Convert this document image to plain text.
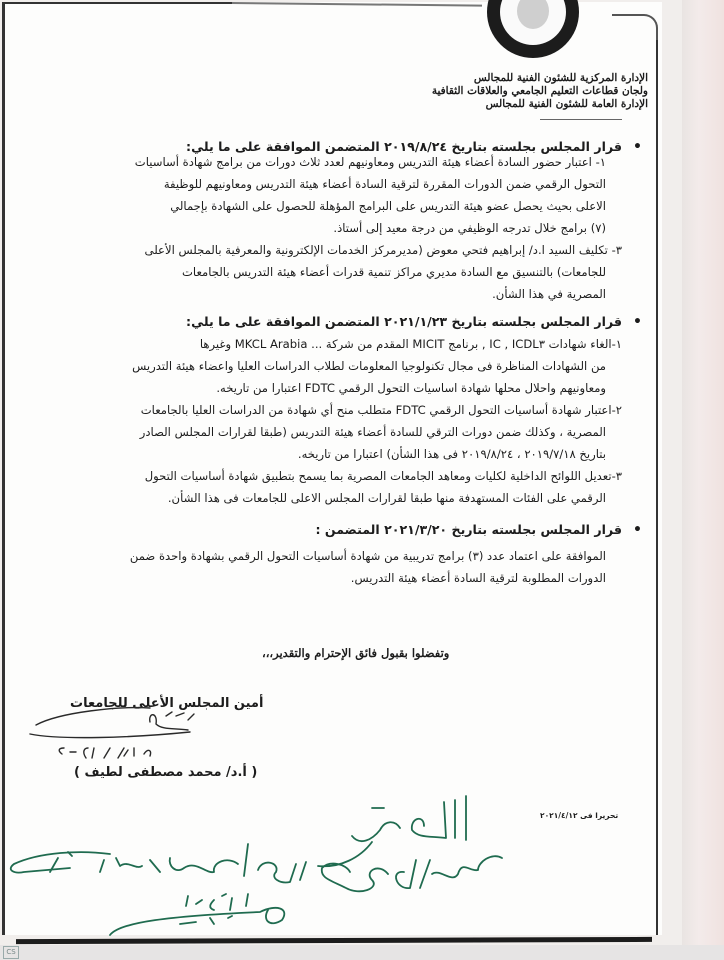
الإدارة المركزية للشئون الفنية للمجالس
ولجان قطاعات التعليم الجامعي والعلاقات الثقافية
الإدارة العامة للشئون الفنية للمجالس
•
قرار المجلس بجلسته بتاريخ ٢٠١٩/٨/٢٤ المتضمن الموافقة على ما يلي:
١- اعتبار حضور السادة أعضاء هيئة التدريس ومعاونيهم لعدد ثلاث دورات من برامج شهادة أساسيات
التحول الرقمي ضمن الدورات المقررة لترقية السادة أعضاء هيئة التدريس ومعاونيهم للوظيفة
الاعلى بحيث يحصل عضو هيئة التدريس على البرامج المؤهلة للحصول على الشهادة بإجمالي
(٧) برامج خلال تدرجه الوظيفي من درجة معيد إلى أستاذ.
٣- تكليف السيد ا.د/ إبراهيم فتحي معوض (مديرمركز الخدمات الإلكترونية والمعرفية بالمجلس الأعلى
للجامعات) بالتنسيق مع السادة مديري مراكز تنمية قدرات أعضاء هيئة التدريس بالجامعات
المصرية في هذا الشأن.
•
قرار المجلس بجلسته بتاريخ ٢٠٢١/١/٢٣ المتضمن الموافقة على ما يلي:
١-الغاء شهادات IC , ICDL٣ , برنامج MICIT المقدم من شركة ... MKCL Arabia وغيرها
من الشهادات المناظرة فى مجال تكنولوجيا المعلومات لطلاب الدراسات العليا واعضاء هيئة التدريس
ومعاونيهم واحلال محلها شهادة اساسيات التحول الرقمي FDTC اعتبارا من تاريخه.
٢-اعتبار شهادة أساسيات التحول الرقمي FDTC متطلب منح أي شهادة من الدراسات العليا بالجامعات
المصرية ، وكذلك ضمن دورات الترقي للسادة أعضاء هيئة التدريس (طبقا لقرارات المجلس الصادر
بتاريخ ٢٠١٩/٧/١٨ ، ٢٠١٩/٨/٢٤ فى هذا الشأن) اعتبارا من تاريخه.
٣-تعديل اللوائح الداخلية لكليات ومعاهد الجامعات المصرية بما يسمح بتطبيق شهادة أساسيات التحول
الرقمي على الفئات المستهدفة منها طبقا لقرارات المجلس الاعلى للجامعات فى هذا الشأن.
•
قرار المجلس بجلسته بتاريخ ٢٠٢١/٣/٢٠ المتضمن :
الموافقة على اعتماد عدد (٣) برامج تدريبية من شهادة أساسيات التحول الرقمي بشهادة واحدة ضمن
الدورات المطلوبة لترقية السادة أعضاء هيئة التدريس.
وتفضلوا بقبول فائق الإحترام والتقدير،،،
أمين المجلس الأعلى للجامعات
( أ.د/ محمد مصطفى لطيف )
تحريرا فى ٢٠٢١/٤/١٢
CS
